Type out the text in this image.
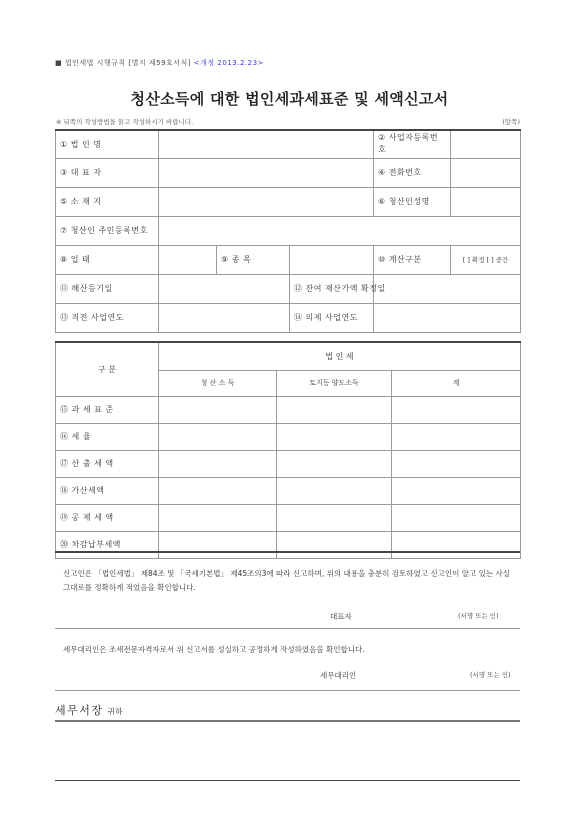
■ 법인세법 시행규칙 [별지 제59호서식] <개정 2013.2.23>
청산소득에 대한 법인세과세표준 및 세액신고서
※ 뒤쪽의 작성방법을 읽고 작성하시기 바랍니다.	(앞쪽)
① 법 인 명				② 사업자등록번호	
③ 대 표 자				④ 전화번호	
⑤ 소 재 지				⑥ 청산인성명	
⑦ 청산인 주민등록번호					
⑧ 업 태		⑨ 종 목		⑩ 계산구분	[ ] 확정 [ ] 중간
⑪ 해산등기일			⑫ 잔여 재산가액 확정일		
⑬ 직전 사업연도			⑭ 의제 사업연도		
구 분	법 인 세		
	청 산 소 득	토지등 양도소득	계
⑮ 과 세 표 준			
⑯ 세 율			
⑰ 산 출 세 액			
⑱ 가산세액			
⑲ 공 제 세 액			
⑳ 차감납부세액			
신고인은 「법인세법」 제84조 및 「국세기본법」 제45조의3에 따라 신고하며, 위의 내용을 충분히 검토하였고 신고인이 알고 있는 사실 그대로를 정확하게 적었음을 확인합니다.
대표자	(서명 또는 인)
세무대리인은 조세전문자격자로서 위 신고서를 성실하고 공정하게 작성하였음을 확인합니다.
세무대리인	(서명 또는 인)
세무서장 귀하
